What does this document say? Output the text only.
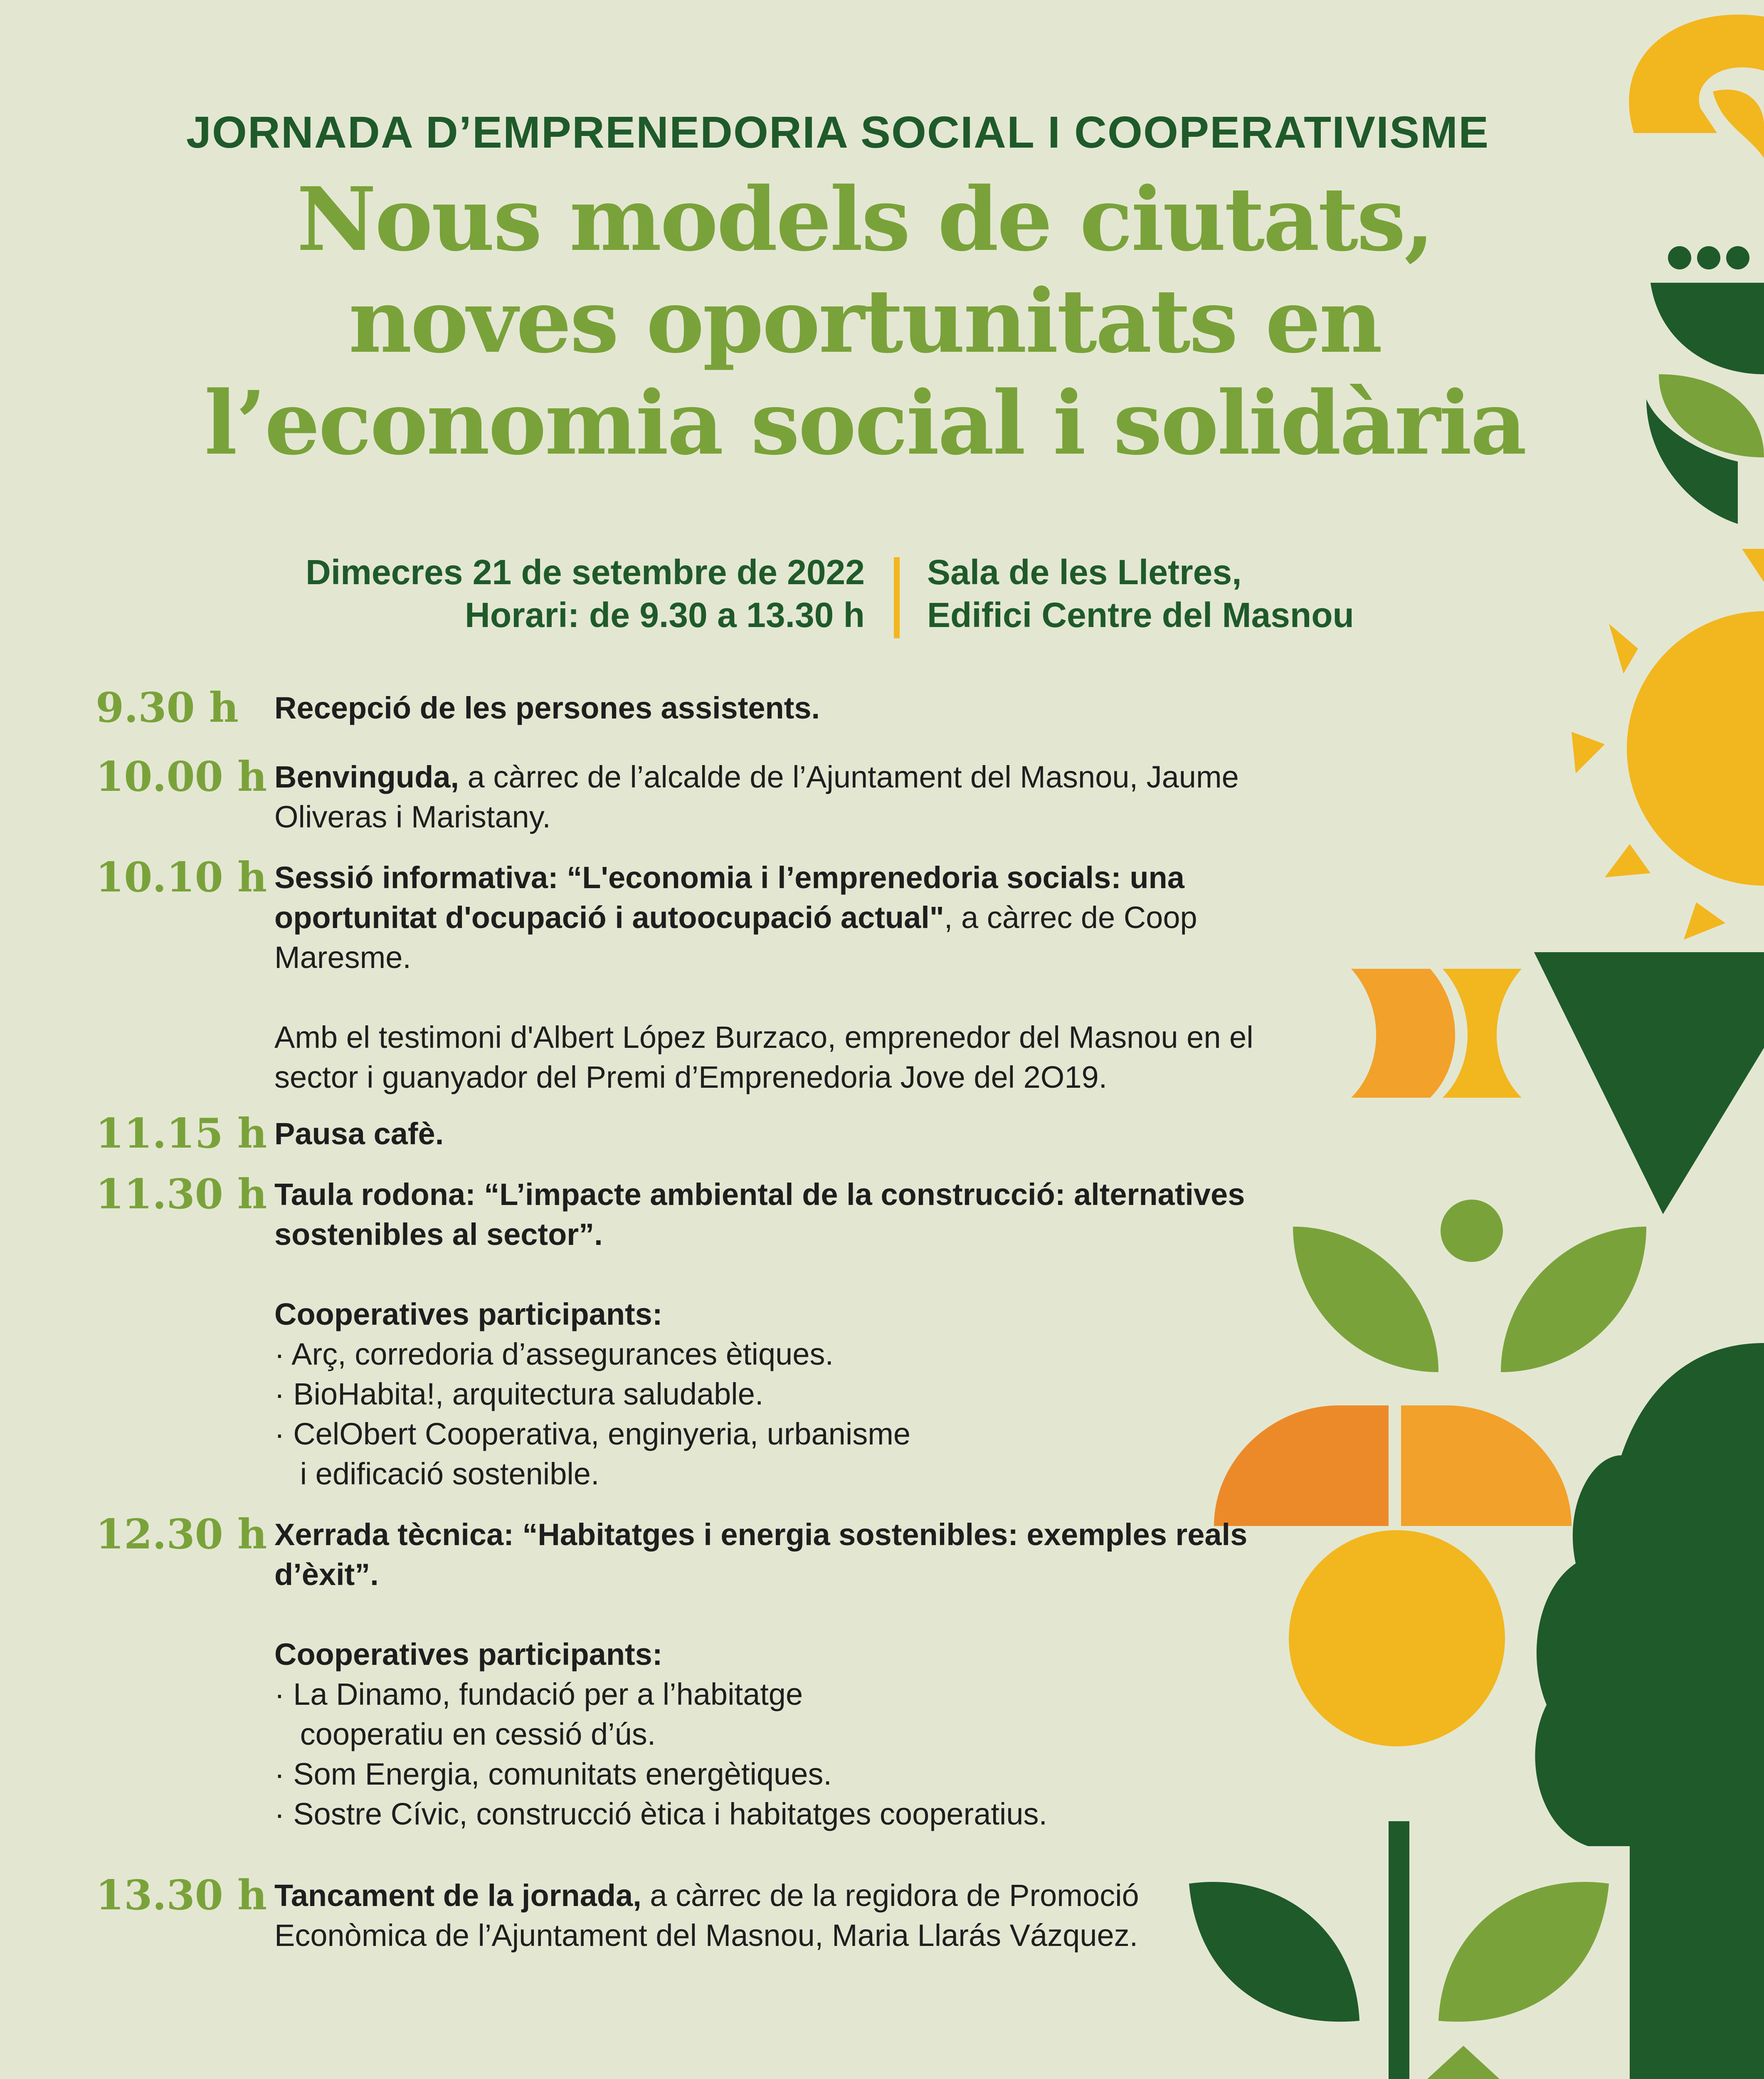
JORNADA D’EMPRENEDORIA SOCIAL I COOPERATIVISME
Nous models de ciutats,
noves oportunitats en
l’economia social i solidària
Dimecres 21 de setembre de 2022
Horari: de 9.30 a 13.30 h
Sala de les Lletres,
Edifici Centre del Masnou
9.30 h	Recepció de les persones assistents.
10.00 h Benvinguda, a càrrec de l’alcalde de l’Ajuntament del Masnou, Jaume Oliveras i Maristany.
10.10 h Sessió informativa: “L'economia i l’emprenedoria socials: una oportunitat d'ocupació i autoocupació actual", a càrrec de Coop Maresme.

Amb el testimoni d'Albert López Burzaco, emprenedor del Masnou en el sector i guanyador del Premi d’Emprenedoria Jove del 2O19.

11.15 h Pausa cafè.
11.30 h Taula rodona: “L’impacte ambiental de la construcció: alternatives sostenibles al sector”.

Cooperatives participants:
· Arç, corredoria d’assegurances ètiques.
· BioHabita!, arquitectura saludable.
· CelObert Cooperativa, enginyeria, urbanisme
i edificació sostenible.
12.30 h Xerrada tècnica: “Habitatges i energia sostenibles: exemples reals d’èxit”.

Cooperatives participants:
· La Dinamo, fundació per a l’habitatge
cooperatiu en cessió d’ús.
· Som Energia, comunitats energètiques.
· Sostre Cívic, construcció ètica i habitatges cooperatius.
13.30 h Tancament de la jornada, a càrrec de la regidora de Promoció Econòmica de l’Ajuntament del Masnou, Maria Llarás Vázquez.
